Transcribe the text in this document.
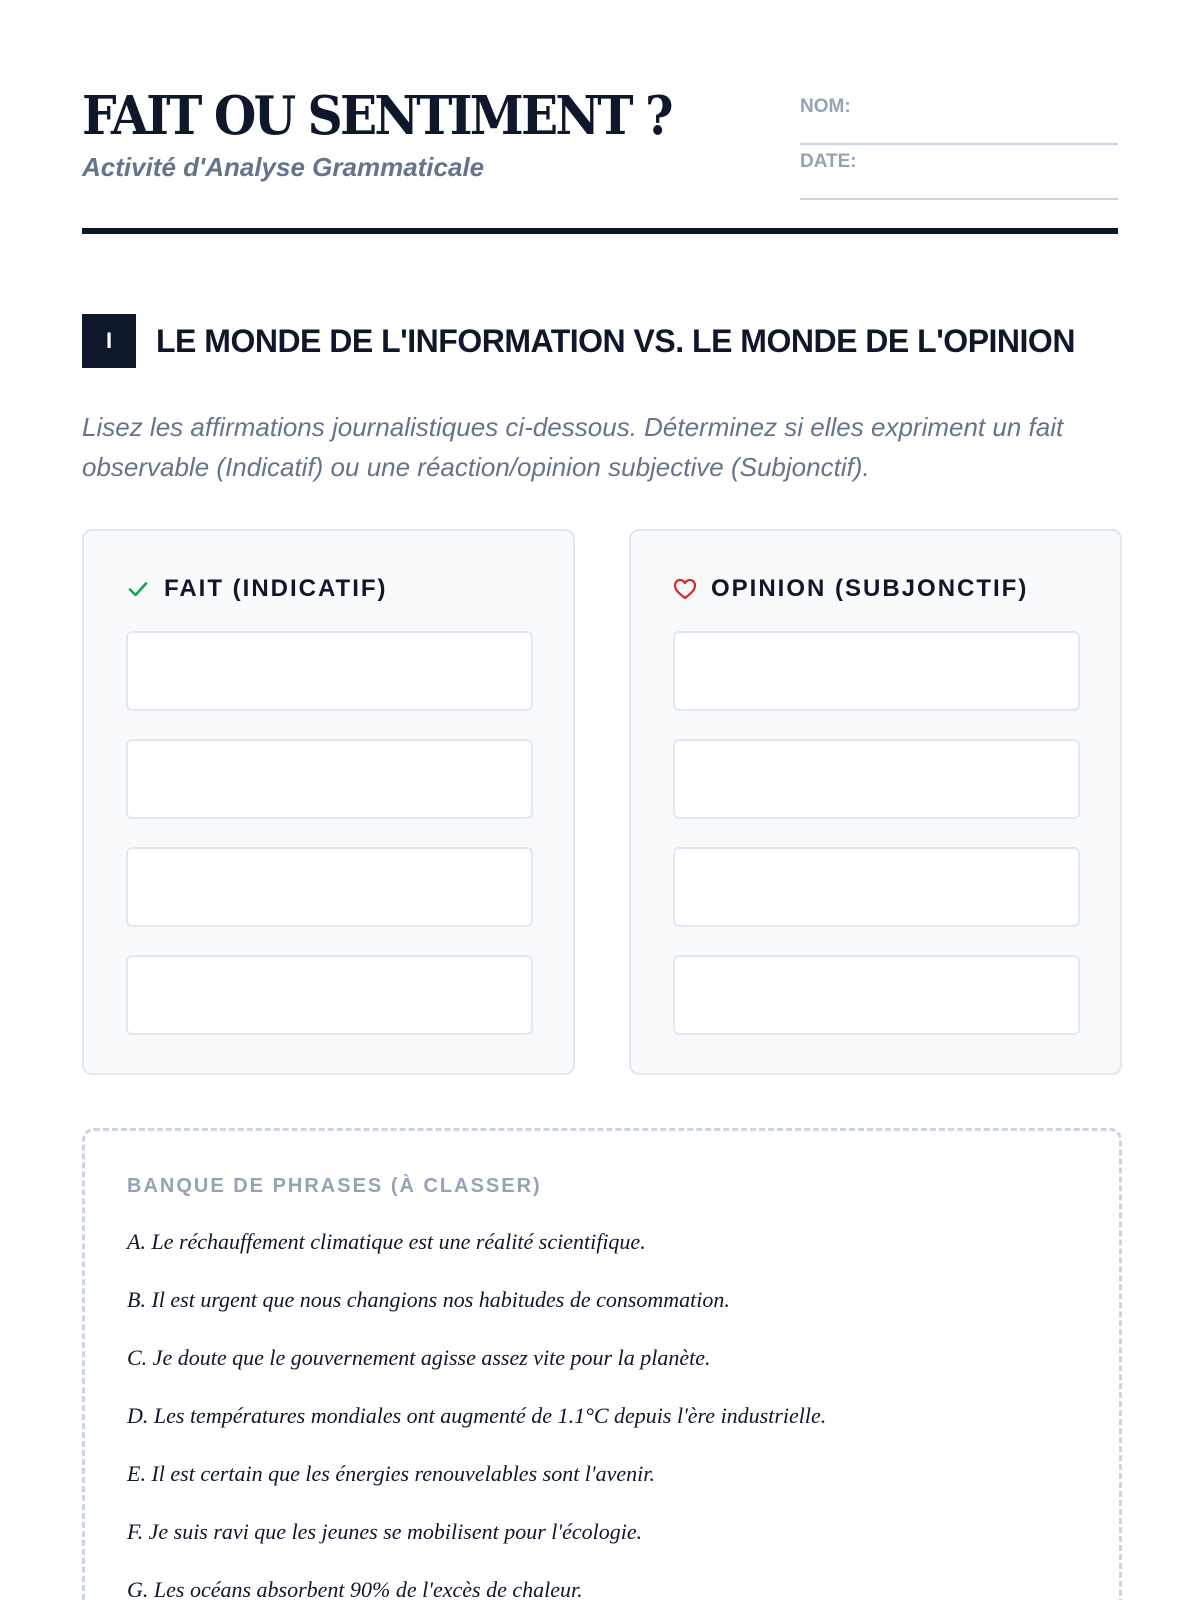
FAIT OU SENTIMENT ?
Activité d'Analyse Grammaticale
NOM:
DATE:
I	LE MONDE DE L'INFORMATION VS. LE MONDE DE L'OPINION
Lisez les affirmations journalistiques ci-dessous. Déterminez si elles expriment un fait observable (Indicatif) ou une réaction/opinion subjective (Subjonctif).
FAIT (INDICATIF)	OPINION (SUBJONCTIF)
BANQUE DE PHRASES (À CLASSER)
A. Le réchauffement climatique est une réalité scientifique.
B. Il est urgent que nous changions nos habitudes de consommation.
C. Je doute que le gouvernement agisse assez vite pour la planète.
D. Les températures mondiales ont augmenté de 1.1°C depuis l'ère industrielle.
E. Il est certain que les énergies renouvelables sont l'avenir.
F. Je suis ravi que les jeunes se mobilisent pour l'écologie.
G. Les océans absorbent 90% de l'excès de chaleur.
